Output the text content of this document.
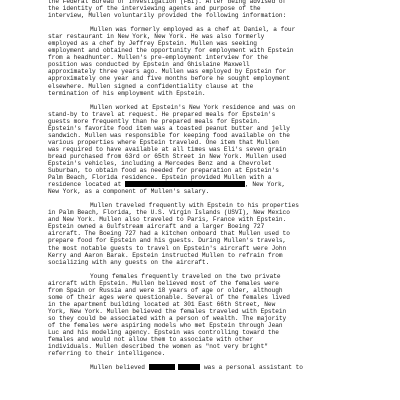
the Federal Bureau of Investigation (FBI). After being advised of
the identity of the interviewing agents and purpose of the
interview, Mullen voluntarily provided the following information:
Mullen was formerly employed as a chef at Daniel, a four
star restaurant in New York, New York. He was also formerly
employed as a chef by Jeffrey Epstein. Mullen was seeking
employment and obtained the opportunity for employment with Epstein
from a headhunter. Mullen's pre-employment interview for the
position was conducted by Epstein and Ghislaine Maxwell
approximately three years ago. Mullen was employed by Epstein for
approximately one year and five months before he sought employment
elsewhere. Mullen signed a confidentiality clause at the
termination of his employment with Epstein.
Mullen worked at Epstein's New York residence and was on
stand-by to travel at request. He prepared meals for Epstein's
guests more frequently than he prepared meals for Epstein.
Epstein's favorite food item was a toasted peanut butter and jelly
sandwich. Mullen was responsible for keeping food available on the
various properties where Epstein traveled. One item that Mullen
was required to have available at all times was Eli's seven grain
bread purchased from 63rd or 65th Street in New York. Mullen used
Epstein's vehicles, including a Mercedes Benz and a Chevrolet
Suburban, to obtain food as needed for preparation at Epstein's
Palm Beach, Florida residence. Epstein provided Mullen with a
residence located at	, New York,
New York, as a component of Mullen's salary.
Mullen traveled frequently with Epstein to his properties
in Palm Beach, Florida, the U.S. Virgin Islands (USVI), New Mexico
and New York. Mullen also traveled to Paris, France with Epstein.
Epstein owned a Gulfstream aircraft and a larger Boeing 727
aircraft. The Boeing 727 had a kitchen onboard that Mullen used to
prepare food for Epstein and his guests. During Mullen's travels,
the most notable guests to travel on Epstein's aircraft were John
Kerry and Aaron Barak. Epstein instructed Mullen to refrain from
socializing with any guests on the aircraft.
Young females frequently traveled on the two private
aircraft with Epstein. Mullen believed most of the females were
from Spain or Russia and were 18 years of age or older, although
some of their ages were questionable. Several of the females lived
in the apartment building located at 301 East 66th Street, New
York, New York. Mullen believed the females traveled with Epstein
so they could be associated with a person of wealth. The majority
of the females were aspiring models who met Epstein through Jean
Luc and his modeling agency. Epstein was controlling toward the
females and would not allow them to associate with other
individuals. Mullen described the women as "not very bright"
referring to their intelligence.
Mullen believed	was a personal assistant to
